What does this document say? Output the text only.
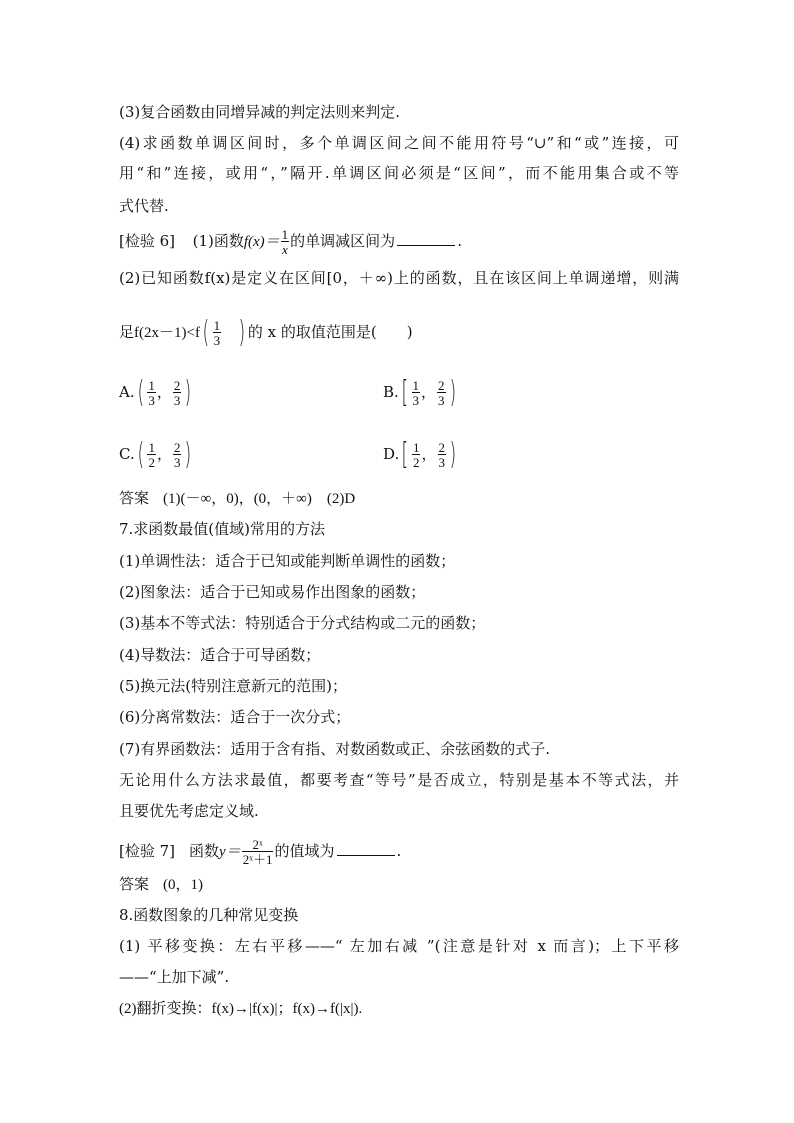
(3)复合函数由同增异减的判定法则来判定.
(4)求函数单调区间时，多个单调区间之间不能用符号“∪”和“或”连接，可
用“和”连接，或用“，”隔开.单调区间必须是“区间”，而不能用集合或不等
式代替.
[检验 6] (1)函数$f(x)= \frac{1}{x}$ 的单调减区间为	.
(2)已知函数f(x)是定义在区间[0，＋∞)上的函数，且在该区间上单调递增，则满
足$f(2x-1)<f( \frac{1}{3}$ ) 的 x 的取值范围是(　　)
$A.( \frac{1}{3}$ ， $\frac{2}{3}$ )	$B.[ \frac{1}{3}$ ， $\frac{2}{3}$ )
$C.( \frac{1}{2}$ ， $\frac{2}{3}$ )	$D.[ \frac{1}{2}$ ， $\frac{2}{3}$ )
答案 (1)(－∞，0)，(0，＋∞)　(2)D
7.求函数最值(值域)常用的方法
(1)单调性法：适合于已知或能判断单调性的函数；
(2)图象法：适合于已知或易作出图象的函数；
(3)基本不等式法：特别适合于分式结构或二元的函数；
(4)导数法：适合于可导函数；
(5)换元法(特别注意新元的范围)；
(6)分离常数法：适合于一次分式；
(7)有界函数法：适用于含有指、对数函数或正、余弦函数的式子.
无论用什么方法求最值，都要考查“等号”是否成立，特别是基本不等式法，并
且要优先考虑定义域.
[检验 7] 函数$y= \frac{\text{2ˣ}}{\text{2ˣ＋1}}$ 的值域为	.
答案 (0，1)
8.函数图象的几种常见变换
(1) 平移变换：左右平移——“ 左加右减 ”(注意是针对 x 而言)；上下平移
——“上加下减”.
(2)翻折变换：f(x)→|f(x)|；f(x)→f(|x|).
